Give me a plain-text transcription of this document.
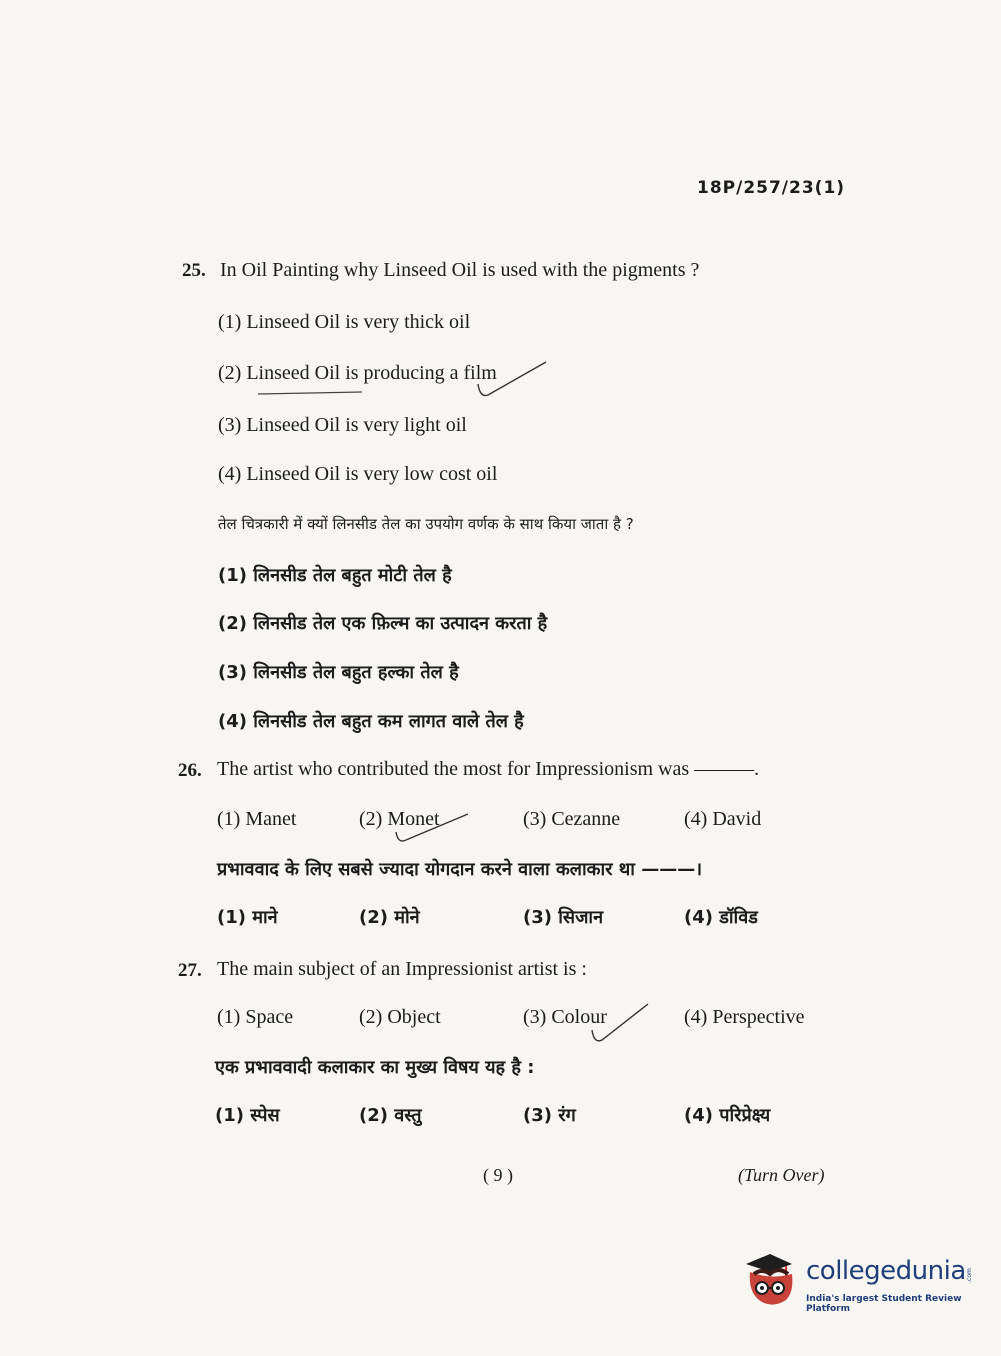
18P/257/23(1)
25. In Oil Painting why Linseed Oil is used with the pigments ?
(1) Linseed Oil is very thick oil
(2) Linseed Oil is producing a film
(3) Linseed Oil is very light oil
(4) Linseed Oil is very low cost oil
तेल चित्रकारी में क्यों लिनसीड तेल का उपयोग वर्णक के साथ किया जाता है ?
(1) लिनसीड तेल बहुत मोटी तेल है
(2) लिनसीड तेल एक फ़िल्म का उत्पादन करता है
(3) लिनसीड तेल बहुत हल्का तेल है
(4) लिनसीड तेल बहुत कम लागत वाले तेल है
26. The artist who contributed the most for Impressionism was ———.
(1) Manet	(2) Monet	(3) Cezanne	(4) David
प्रभाववाद के लिए सबसे ज्यादा योगदान करने वाला कलाकार था ———।
(1) माने	(2) मोने	(3) सिजान	(4) डॉविड
27. The main subject of an Impressionist artist is :
(1) Space	(2) Object	(3) Colour	(4) Perspective
एक प्रभाववादी कलाकार का मुख्य विषय यह है :
(1) स्पेस	(2) वस्तु	(3) रंग	(4) परिप्रेक्ष्य
( 9 )	(Turn Over)
collegedunia .com
India's largest Student Review Platform
